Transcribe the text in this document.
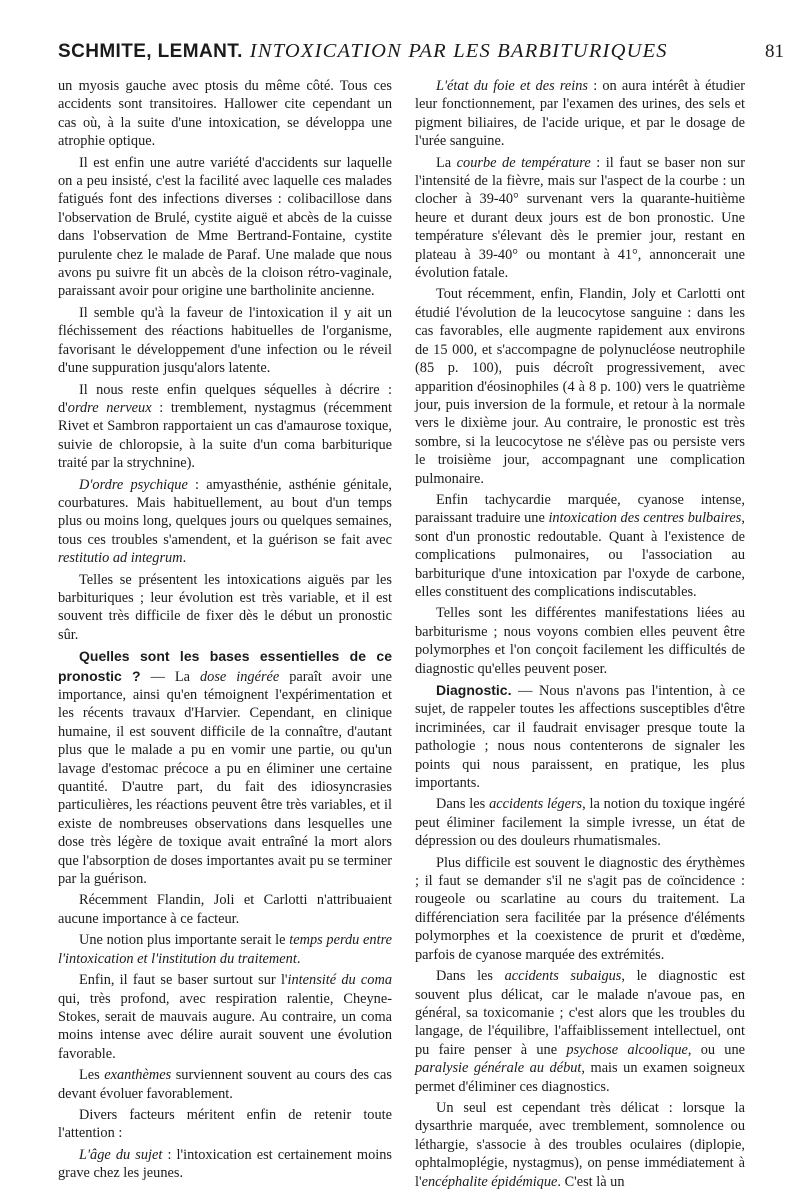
SCHMITE, LEMANT. INTOXICATION PAR LES BARBITURIQUES	81

un myosis gauche avec ptosis du même côté. Tous ces accidents sont transitoires. Hallower cite cependant un cas où, à la suite d'une intoxication, se développa une atrophie optique.

Il est enfin une autre variété d'accidents sur laquelle on a peu insisté, c'est la facilité avec laquelle ces malades fatigués font des infections diverses : colibacillose dans l'observation de Brulé, cystite aiguë et abcès de la cuisse dans l'observation de Mme Bertrand-Fontaine, cystite purulente chez le malade de Paraf. Une malade que nous avons pu suivre fit un abcès de la cloison rétro-vaginale, paraissant avoir pour origine une bartholinite ancienne.

Il semble qu'à la faveur de l'intoxication il y ait un fléchissement des réactions habituelles de l'organisme, favorisant le développement d'une infection ou le réveil d'une suppuration jusqu'alors latente.

Il nous reste enfin quelques séquelles à décrire : d'ordre nerveux : tremblement, nystagmus (récemment Rivet et Sambron rapportaient un cas d'amaurose toxique, suivie de chloropsie, à la suite d'un coma barbiturique traité par la strychnine).

D'ordre psychique : amyasthénie, asthénie génitale, courbatures. Mais habituellement, au bout d'un temps plus ou moins long, quelques jours ou quelques semaines, tous ces troubles s'amendent, et la guérison se fait avec restitutio ad integrum.

Telles se présentent les intoxications aiguës par les barbituriques ; leur évolution est très variable, et il est souvent très difficile de fixer dès le début un pronostic sûr.

Quelles sont les bases essentielles de ce pronostic ? — La dose ingérée paraît avoir une importance, ainsi qu'en témoignent l'expérimentation et les récents travaux d'Harvier. Cependant, en clinique humaine, il est souvent difficile de la connaître, d'autant plus que le malade a pu en vomir une partie, ou qu'un lavage d'estomac précoce a pu en éliminer une certaine quantité. D'autre part, du fait des idiosyncrasies particulières, les réactions peuvent être très variables, et il existe de nombreuses observations dans lesquelles une dose très légère de toxique avait entraîné la mort alors que l'absorption de doses importantes avait pu se terminer par la guérison.

Récemment Flandin, Joli et Carlotti n'attribuaient aucune importance à ce facteur.

Une notion plus importante serait le temps perdu entre l'intoxication et l'institution du traitement.

Enfin, il faut se baser surtout sur l'intensité du coma qui, très profond, avec respiration ralentie, Cheyne-Stokes, serait de mauvais augure. Au contraire, un coma moins intense avec délire aurait souvent une évolution favorable.

Les exanthèmes surviennent souvent au cours des cas devant évoluer favorablement.

Divers facteurs méritent enfin de retenir toute l'attention :

L'âge du sujet : l'intoxication est certainement moins grave chez les jeunes.

L'état du foie et des reins : on aura intérêt à étudier leur fonctionnement, par l'examen des urines, des sels et pigment biliaires, de l'acide urique, et par le dosage de l'urée sanguine.

La courbe de température : il faut se baser non sur l'intensité de la fièvre, mais sur l'aspect de la courbe : un clocher à 39-40° survenant vers la quarante-huitième heure et durant deux jours est de bon pronostic. Une température s'élevant dès le premier jour, restant en plateau à 39-40° ou montant à 41°, annoncerait une évolution fatale.

Tout récemment, enfin, Flandin, Joly et Carlotti ont étudié l'évolution de la leucocytose sanguine : dans les cas favorables, elle augmente rapidement aux environs de 15 000, et s'accompagne de polynucléose neutrophile (85 p. 100), puis décroît progressivement, avec apparition d'éosinophiles (4 à 8 p. 100) vers le quatrième jour, puis inversion de la formule, et retour à la normale vers le dixième jour. Au contraire, le pronostic est très sombre, si la leucocytose ne s'élève pas ou persiste vers le troisième jour, accompagnant une complication pulmonaire.

Enfin tachycardie marquée, cyanose intense, paraissant traduire une intoxication des centres bulbaires, sont d'un pronostic redoutable. Quant à l'existence de complications pulmonaires, ou l'association au barbiturique d'une intoxication par l'oxyde de carbone, elles constituent des complications indiscutables.

Telles sont les différentes manifestations liées au barbiturisme ; nous voyons combien elles peuvent être polymorphes et l'on conçoit facilement les difficultés de diagnostic qu'elles peuvent poser.

Diagnostic. — Nous n'avons pas l'intention, à ce sujet, de rappeler toutes les affections susceptibles d'être incriminées, car il faudrait envisager presque toute la pathologie ; nous nous contenterons de signaler les points qui nous paraissent, en pratique, les plus importants.

Dans les accidents légers, la notion du toxique ingéré peut éliminer facilement la simple ivresse, un état de dépression ou des douleurs rhumatismales.

Plus difficile est souvent le diagnostic des érythèmes ; il faut se demander s'il ne s'agit pas de coïncidence : rougeole ou scarlatine au cours du traitement. La différenciation sera facilitée par la présence d'éléments polymorphes et la coexistence de prurit et d'œdème, parfois de cyanose marquée des extrémités.

Dans les accidents subaigus, le diagnostic est souvent plus délicat, car le malade n'avoue pas, en général, sa toxicomanie ; c'est alors que les troubles du langage, de l'équilibre, l'affaiblissement intellectuel, ont pu faire penser à une psychose alcoolique, ou une paralysie générale au début, mais un examen soigneux permet d'éliminer ces diagnostics.

Un seul est cependant très délicat : lorsque la dysarthrie marquée, avec tremblement, somnolence ou léthargie, s'associe à des troubles oculaires (diplopie, ophtalmoplégie, nystagmus), on pense immédiatement à l'encéphalite épidémique. C'est là un
